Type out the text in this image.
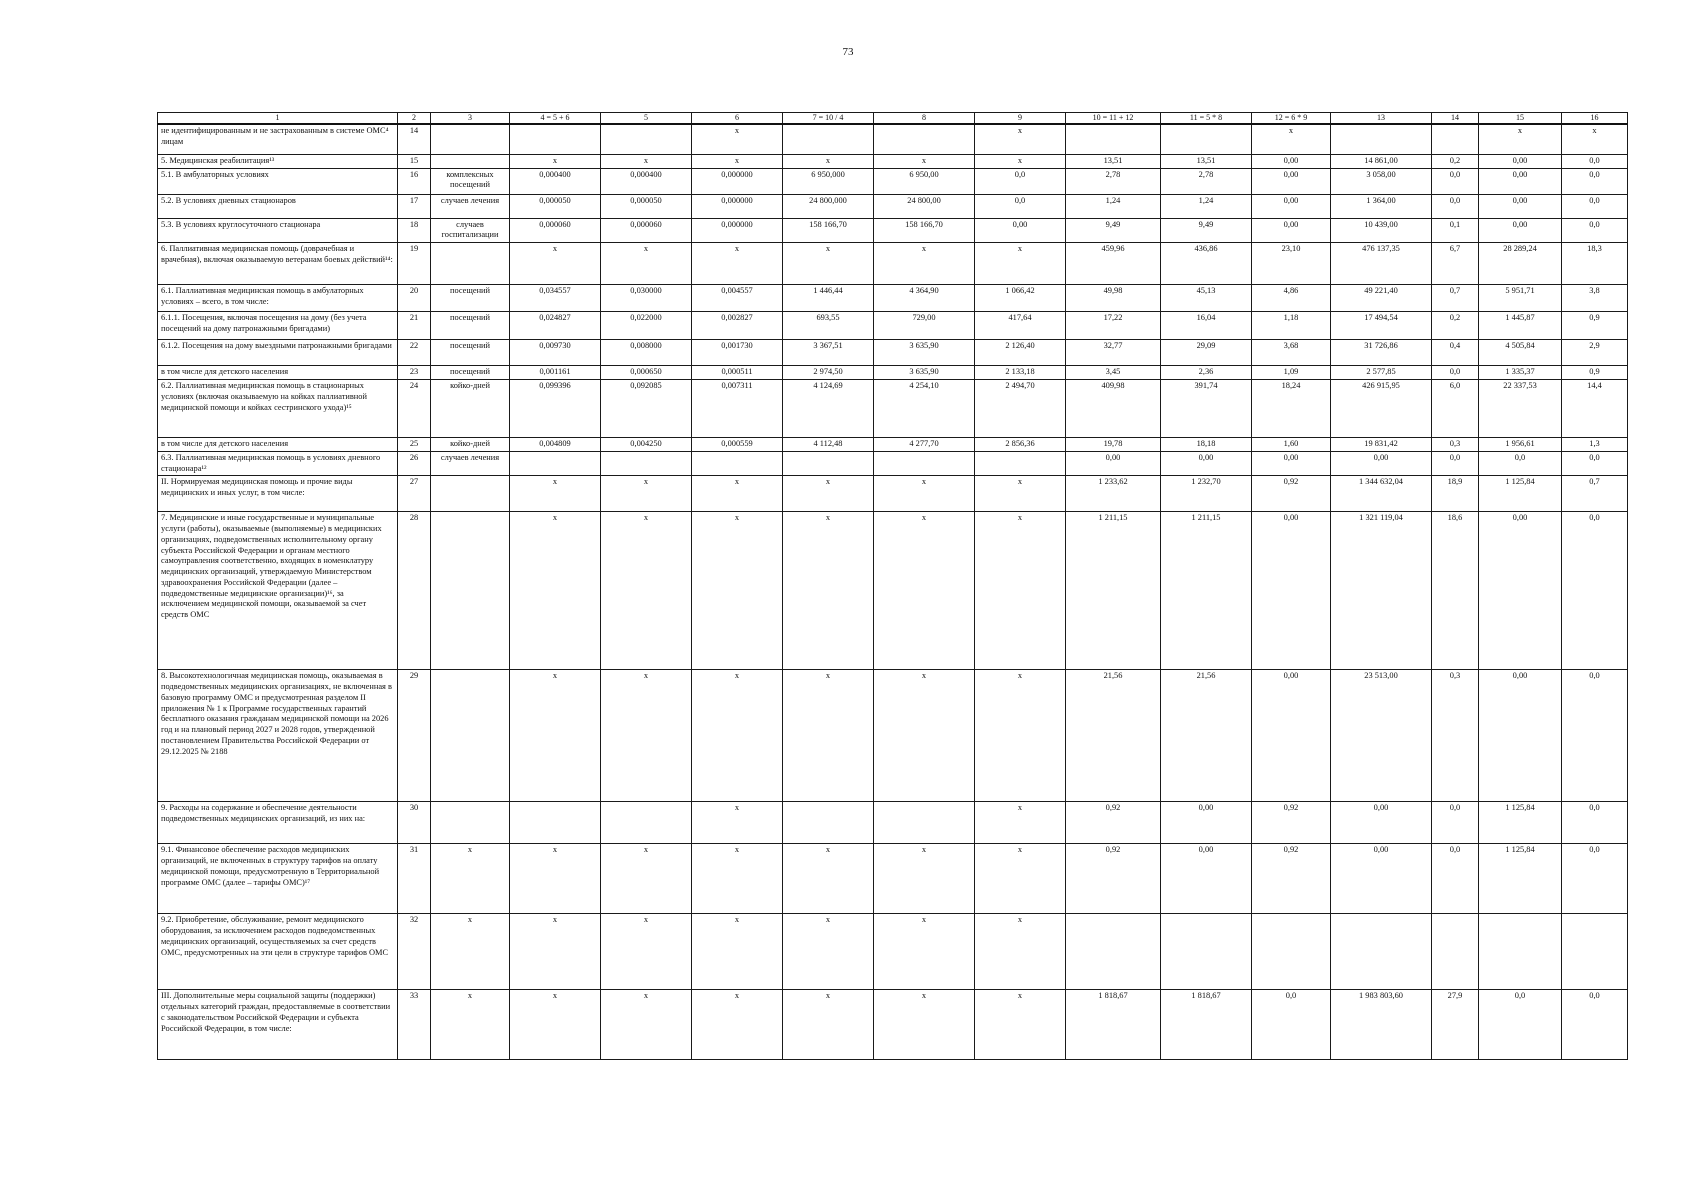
73
1	2	3	4 = 5 + 6	5	6	7 = 10 / 4	8	9	10 = 11 + 12	11 = 5 * 8	12 = 6 * 9	13	14	15	16
не идентифицированным и не застрахованным в системе ОМС⁴ лицам	14				x			x			x			x	x
5. Медицинская реабилитация¹³	15		x	x	x	x	x	x	13,51	13,51	0,00	14 861,00	0,2	0,00	0,0
5.1. В амбулаторных условиях	16	комплексных посещений	0,000400	0,000400	0,000000	6 950,000	6 950,00	0,0	2,78	2,78	0,00	3 058,00	0,0	0,00	0,0
5.2. В условиях дневных стационаров	17	случаев лечения	0,000050	0,000050	0,000000	24 800,000	24 800,00	0,0	1,24	1,24	0,00	1 364,00	0,0	0,00	0,0
5.3. В условиях круглосуточного стационара	18	случаев госпитализации	0,000060	0,000060	0,000000	158 166,70	158 166,70	0,00	9,49	9,49	0,00	10 439,00	0,1	0,00	0,0
6. Паллиативная медицинская помощь (доврачебная и врачебная), включая оказываемую ветеранам боевых действий¹⁴:	19		x	x	x	x	x	x	459,96	436,86	23,10	476 137,35	6,7	28 289,24	18,3
6.1. Паллиативная медицинская помощь в амбулаторных условиях – всего, в том числе:	20	посещений	0,034557	0,030000	0,004557	1 446,44	4 364,90	1 066,42	49,98	45,13	4,86	49 221,40	0,7	5 951,71	3,8
6.1.1. Посещения, включая посещения на дому (без учета посещений на дому патронажными бригадами)	21	посещений	0,024827	0,022000	0,002827	693,55	729,00	417,64	17,22	16,04	1,18	17 494,54	0,2	1 445,87	0,9
6.1.2. Посещения на дому выездными патронажными бригадами	22	посещений	0,009730	0,008000	0,001730	3 367,51	3 635,90	2 126,40	32,77	29,09	3,68	31 726,86	0,4	4 505,84	2,9
в том числе для детского населения	23	посещений	0,001161	0,000650	0,000511	2 974,50	3 635,90	2 133,18	3,45	2,36	1,09	2 577,85	0,0	1 335,37	0,9
6.2. Паллиативная медицинская помощь в стационарных условиях (включая оказываемую на койках паллиативной медицинской помощи и койках сестринского ухода)¹⁵	24	койко-дней	0,099396	0,092085	0,007311	4 124,69	4 254,10	2 494,70	409,98	391,74	18,24	426 915,95	6,0	22 337,53	14,4
в том числе для детского населения	25	койко-дней	0,004809	0,004250	0,000559	4 112,48	4 277,70	2 856,36	19,78	18,18	1,60	19 831,42	0,3	1 956,61	1,3
6.3. Паллиативная медицинская помощь в условиях дневного стационара¹²	26	случаев лечения							0,00	0,00	0,00	0,00	0,0	0,0	0,0
II. Нормируемая медицинская помощь и прочие виды медицинских и иных услуг, в том числе:	27		x	x	x	x	x	x	1 233,62	1 232,70	0,92	1 344 632,04	18,9	1 125,84	0,7
7. Медицинские и иные государственные и муниципальные услуги (работы), оказываемые (выполняемые) в медицинских организациях, подведомственных исполнительному органу субъекта Российской Федерации и органам местного самоуправления соответственно, входящих в номенклатуру медицинских организаций, утверждаемую Министерством здравоохранения Российской Федерации (далее – подведомственные медицинские организации)¹⁶, за исключением медицинской помощи, оказываемой за счет средств ОМС	28		x	x	x	x	x	x	1 211,15	1 211,15	0,00	1 321 119,04	18,6	0,00	0,0
8. Высокотехнологичная медицинская помощь, оказываемая в подведомственных медицинских организациях, не включенная в базовую программу ОМС и предусмотренная разделом II приложения № 1 к Программе государственных гарантий бесплатного оказания гражданам медицинской помощи на 2026 год и на плановый период 2027 и 2028 годов, утвержденной постановлением Правительства Российской Федерации от 29.12.2025 № 2188	29		x	x	x	x	x	x	21,56	21,56	0,00	23 513,00	0,3	0,00	0,0
9. Расходы на содержание и обеспечение деятельности подведомственных медицинских организаций, из них на:	30				x			x	0,92	0,00	0,92	0,00	0,0	1 125,84	0,0
9.1. Финансовое обеспечение расходов медицинских организаций, не включенных в структуру тарифов на оплату медицинской помощи, предусмотренную в Территориальной программе ОМС (далее – тарифы ОМС)¹⁷	31	x	x	x	x	x	x	x	0,92	0,00	0,92	0,00	0,0	1 125,84	0,0
9.2. Приобретение, обслуживание, ремонт медицинского оборудования, за исключением расходов подведомственных медицинских организаций, осуществляемых за счет средств ОМС, предусмотренных на эти цели в структуре тарифов ОМС	32	x	x	x	x	x	x	x							
III. Дополнительные меры социальной защиты (поддержки) отдельных категорий граждан, предоставляемые в соответствии с законодательством Российской Федерации и субъекта Российской Федерации, в том числе:	33	x	x	x	x	x	x	x	1 818,67	1 818,67	0,0	1 983 803,60	27,9	0,0	0,0
